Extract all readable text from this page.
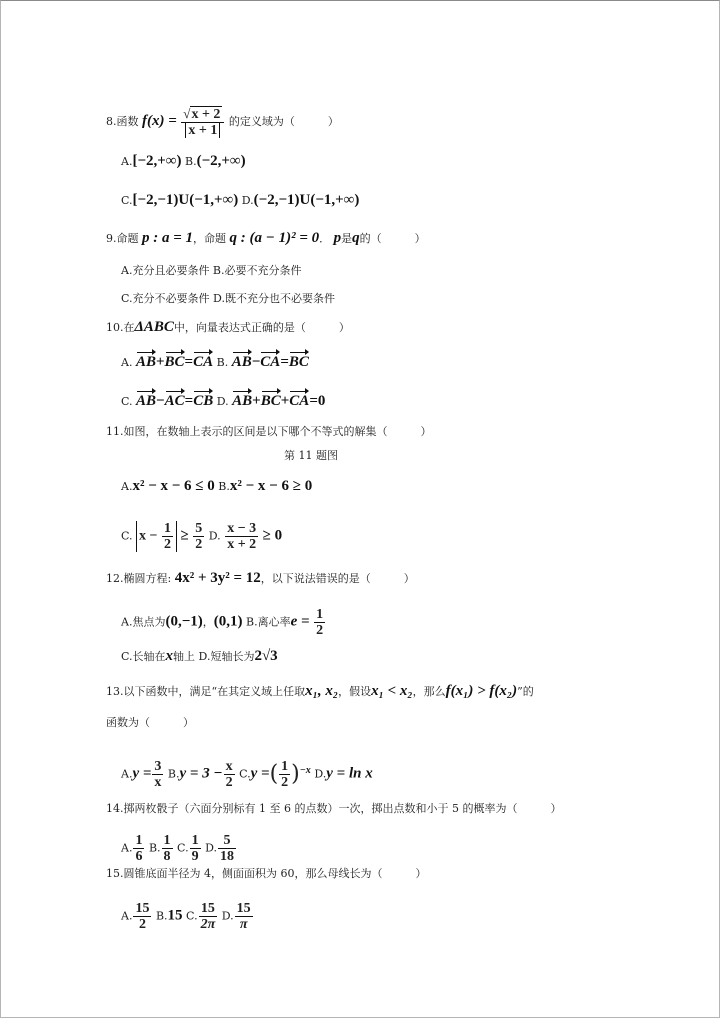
8.函数 $f(x) = \frac{√x + 2}{x + 1}$ 的定义域为（　　　）
A.[−2,+∞) B.(−2,+∞)
C.[−2,−1)U(−1,+∞) D.(−2,−1)U(−1,+∞)
9.命题 p : a = 1，命题 q : (a − 1)² = 0． p是q的（　　　）
A.充分且必要条件 B.必要不充分条件
C.充分不必要条件 D.既不充分也不必要条件
10.在ΔABC中，向量表达式正确的是（　　　）
A. AB+BC=CA B. AB−CA=BC
C. AB−AC=CB D. AB+BC+CA=0
11.如图，在数轴上表示的区间是以下哪个不等式的解集（　　　）
第 11 题图
A.x² − x − 6 ≤ 0 B.x² − x − 6 ≥ 0
C. $x - \frac{1}{2} \ge \frac{5}{2} D$. $\frac{x - 3}{x + 2} \ge 0$
12.椭圆方程: 4x² + 3y² = 12，以下说法错误的是（　　　）
A.焦点为(0,−1)，(0,1) B.离心率$e = \frac{1}{2}$
C.长轴在x轴上 D.短轴长为2√3
13.以下函数中，满足“在其定义域上任取x₁, x₂，假设x₁ < x₂，那么f(x₁) > f(x₂)”的
函数为（　　　）
$A.y = \frac{3}{x} B.y = 3 - \frac{x}{2} C.y$ =( $\frac{1}{2} )^{-x}$ D.y = ln x
14.掷两枚骰子（六面分别标有 1 至 6 的点数）一次，掷出点数和小于 5 的概率为（　　　）
A. $\frac{1}{6} B$. $\frac{1}{8} C$. $\frac{1}{9} D$. $\frac{5}{18}$
15.圆锥底面半径为 4，侧面面积为 60，那么母线长为（　　　）
A. $\frac{15}{2} B.15$ C. $\frac{15}{2\pi} D$. $\frac{15}{\pi}$
